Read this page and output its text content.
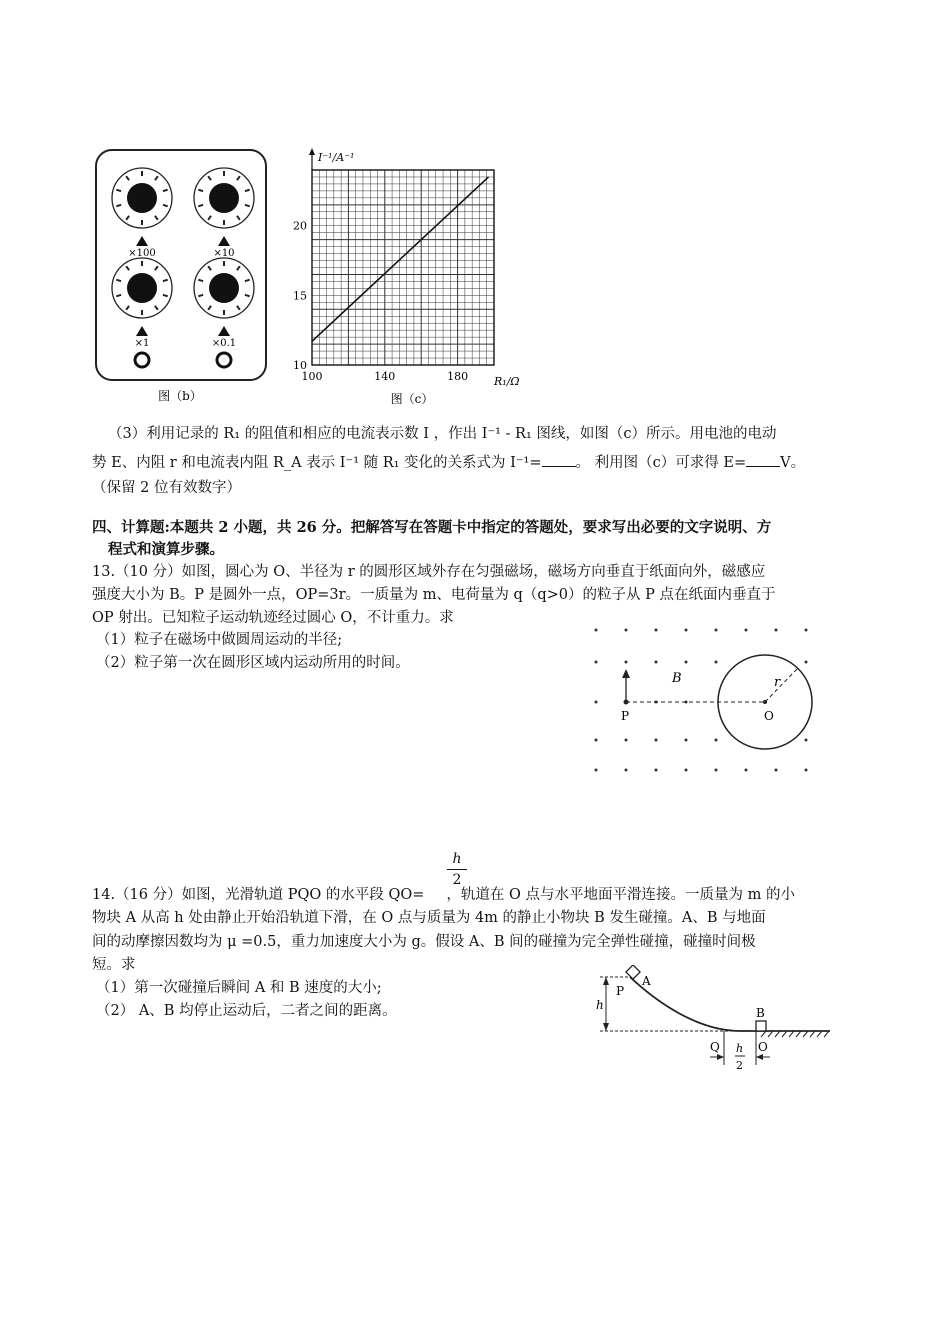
×100	×10
×1	×0.1
图（b）
100	140	180
10
15
20
I⁻¹/A⁻¹
R₁/Ω
图（c）
（3）利用记录的 R₁ 的阻值和相应的电流表示数 I ，作出 I⁻¹ - R₁ 图线，如图（c）所示。用电池的电动
势 E、内阻 r 和电流表内阻 R_A 表示 I⁻¹ 随 R₁ 变化的关系式为 I⁻¹= 。 利用图（c）可求得 E= V。
（保留 2 位有效数字）
四、计算题:本题共 2 小题，共 26 分。把解答写在答题卡中指定的答题处，要求写出必要的文字说明、方
程式和演算步骤。
13.（10 分）如图，圆心为 O、半径为 r 的圆形区域外存在匀强磁场，磁场方向垂直于纸面向外，磁感应
强度大小为 B。P 是圆外一点，OP=3r。一质量为 m、电荷量为 q（q>0）的粒子从 P 点在纸面内垂直于
OP 射出。已知粒子运动轨迹经过圆心 O，不计重力。求
（1）粒子在磁场中做圆周运动的半径;
（2）粒子第一次在圆形区域内运动所用的时间。
B	r
P	O
h
2
14.（16 分）如图，光滑轨道 PQO 的水平段 QO= ，轨道在 O 点与水平地面平滑连接。一质量为 m 的小
物块 A 从高 h 处由静止开始沿轨道下滑，在 O 点与质量为 4m 的静止小物块 B 发生碰撞。A、B 与地面
间的动摩擦因数均为 μ =0.5，重力加速度大小为 g。假设 A、B 间的碰撞为完全弹性碰撞，碰撞时间极
短。求
（1）第一次碰撞后瞬间 A 和 B 速度的大小;
（2） A、B 均停止运动后，二者之间的距离。
P
A
h
B
Q	O
h
2
